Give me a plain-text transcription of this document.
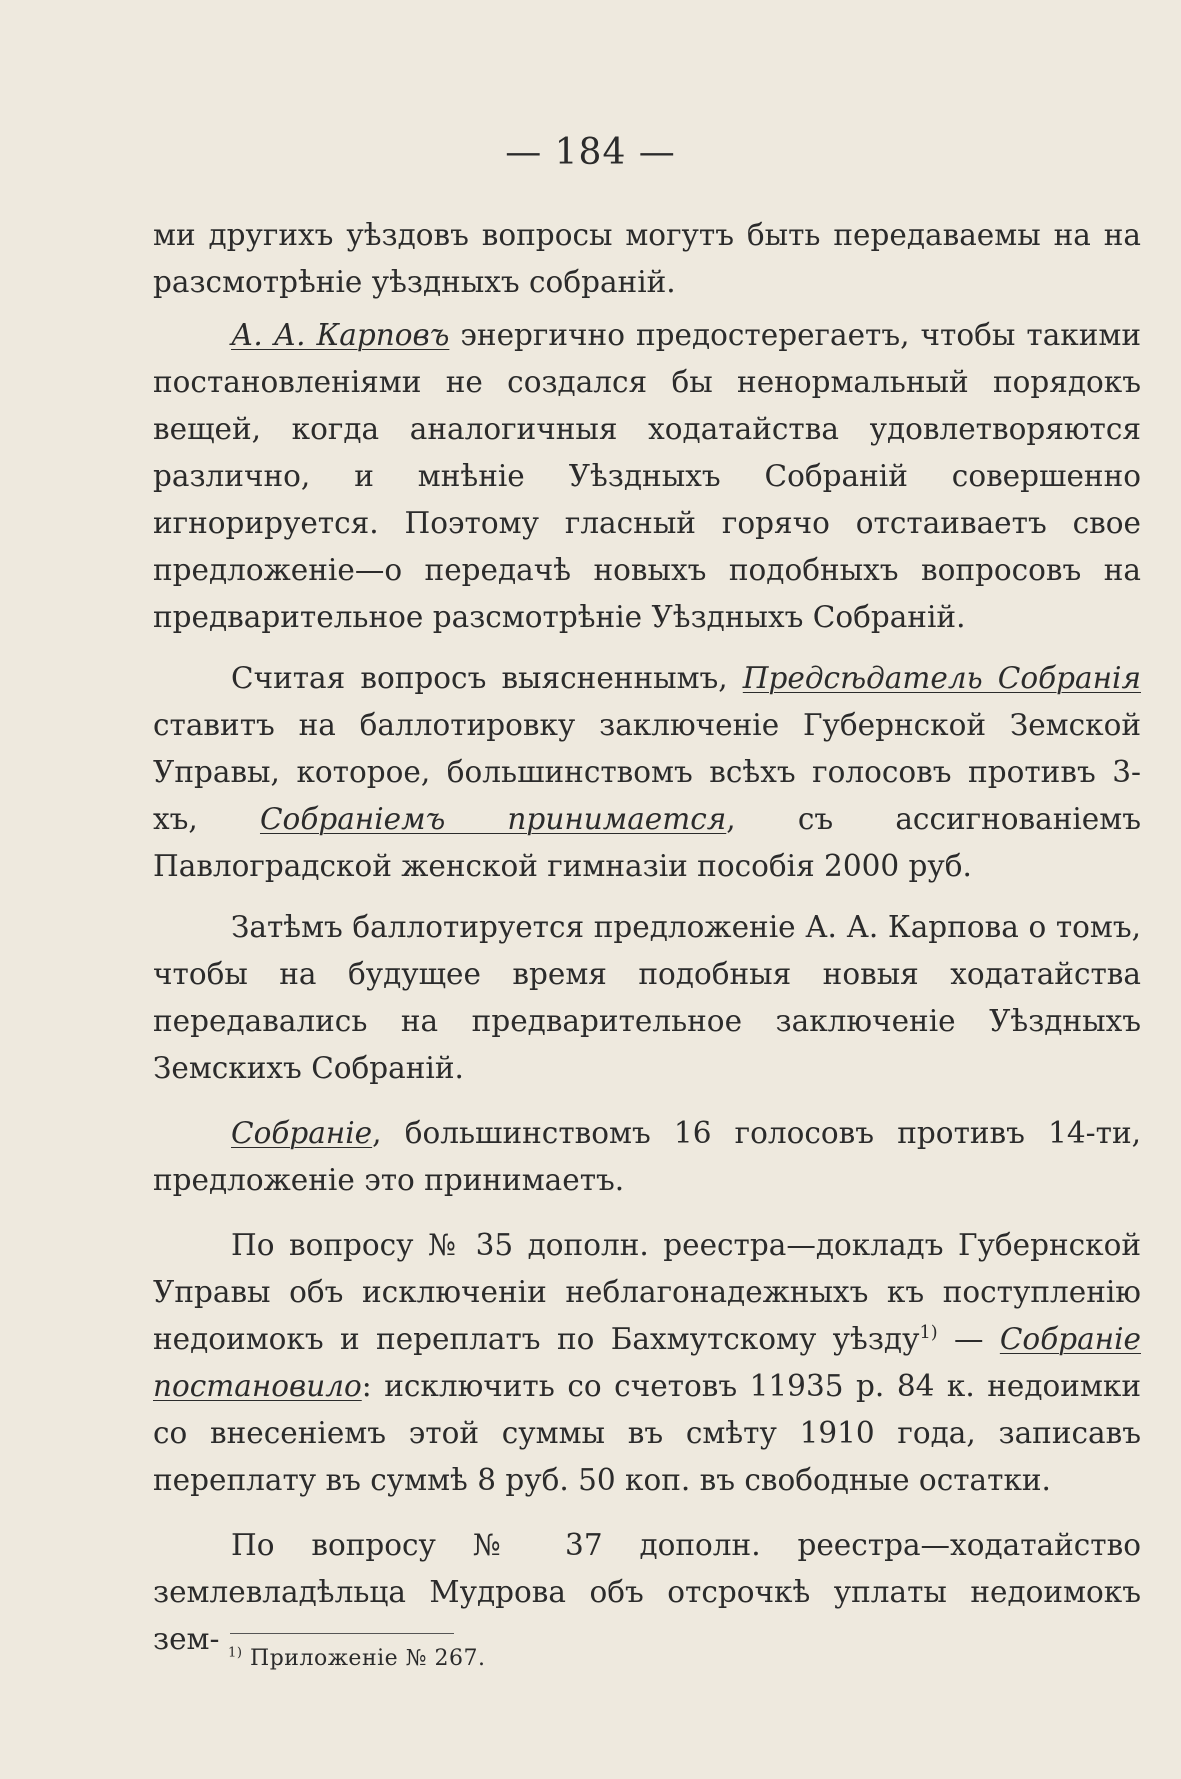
— 184 —

ми другихъ уѣздовъ вопросы могутъ быть передаваемы на на разсмотрѣніе уѣздныхъ собраній.

А. А. Карповъ энергично предостерегаетъ, чтобы такими постановленіями не создался бы ненормальный порядокъ вещей, когда аналогичныя ходатайства удовлетворяются различно, и мнѣніе Уѣздныхъ Собраній совершенно игнорируется. Поэтому гласный горячо отстаиваетъ свое предложеніе—о передачѣ новыхъ подобныхъ вопросовъ на предварительное разсмотрѣніе Уѣздныхъ Собраній.

Считая вопросъ выясненнымъ, Предсѣдатель Собранія ставитъ на баллотировку заключеніе Губернской Земской Управы, которое, большинствомъ всѣхъ голосовъ противъ 3-хъ, Собраніемъ принимается, съ ассигнованіемъ Павлоградской женской гимназіи пособія 2000 руб.

Затѣмъ баллотируется предложеніе А. А. Карпова о томъ, чтобы на будущее время подобныя новыя ходатайства передавались на предварительное заключеніе Уѣздныхъ Земскихъ Собраній.

Собраніе, большинствомъ 16 голосовъ противъ 14-ти, предложеніе это принимаетъ.

По вопросу № 35 дополн. реестра—докладъ Губернской Управы объ исключеніи неблагонадежныхъ къ поступленію недоимокъ и переплатъ по Бахмутскому уѣзду$^{1)}$ — Собраніе постановило: исключить со счетовъ 11935 р. 84 к. недоимки со внесеніемъ этой суммы въ смѣту 1910 года, записавъ переплату въ суммѣ 8 руб. 50 коп. въ свободные остатки.

По вопросу № 37 дополн. реестра—ходатайство землевладѣльца Мудрова объ отсрочкѣ уплаты недоимокъ зем- $^{1)}$ Приложеніе № 267.
